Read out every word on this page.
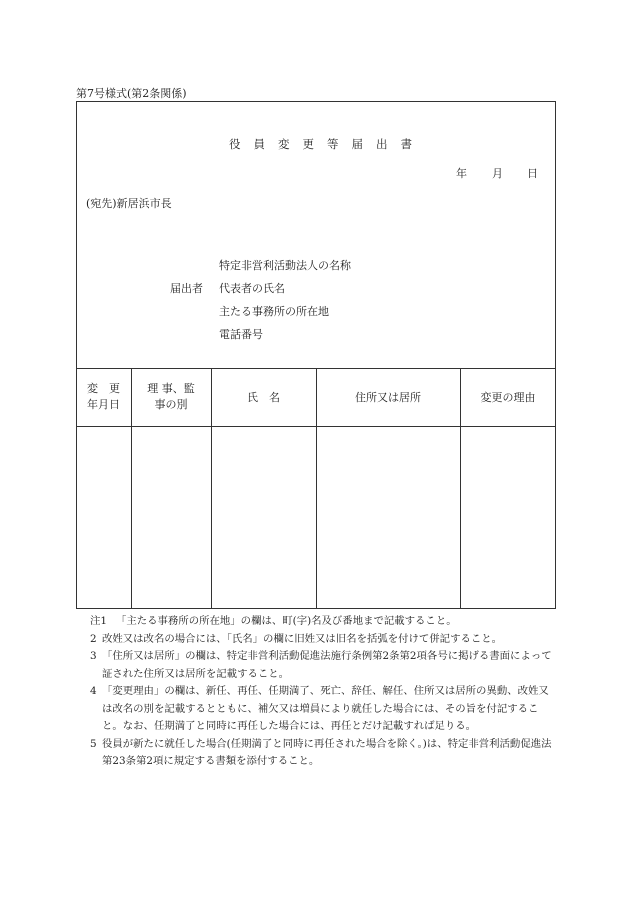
第7号様式(第2条関係)
役員変更等届出書
年 月 日
(宛先)新居浜市長
届出者
特定非営利活動法人の名称
代表者の氏名
主たる事務所の所在地
電話番号
変　更
年月日
理 事、監
事の別
氏　名	住所又は居所	変更の理由
注1 「主たる事務所の所在地」の欄は、町(字)名及び番地まで記載すること。
2 改姓又は改名の場合には、「氏名」の欄に旧姓又は旧名を括弧を付けて併記すること。
3 「住所又は居所」の欄は、特定非営利活動促進法施行条例第2条第2項各号に掲げる書面によって証された住所又は居所を記載すること。
4 「変更理由」の欄は、新任、再任、任期満了、死亡、辞任、解任、住所又は居所の異動、改姓又は改名の別を記載するとともに、補欠又は増員により就任した場合には、その旨を付記すること。なお、任期満了と同時に再任した場合には、再任とだけ記載すれば足りる。
5 役員が新たに就任した場合(任期満了と同時に再任された場合を除く。)は、特定非営利活動促進法第23条第2項に規定する書類を添付すること。
